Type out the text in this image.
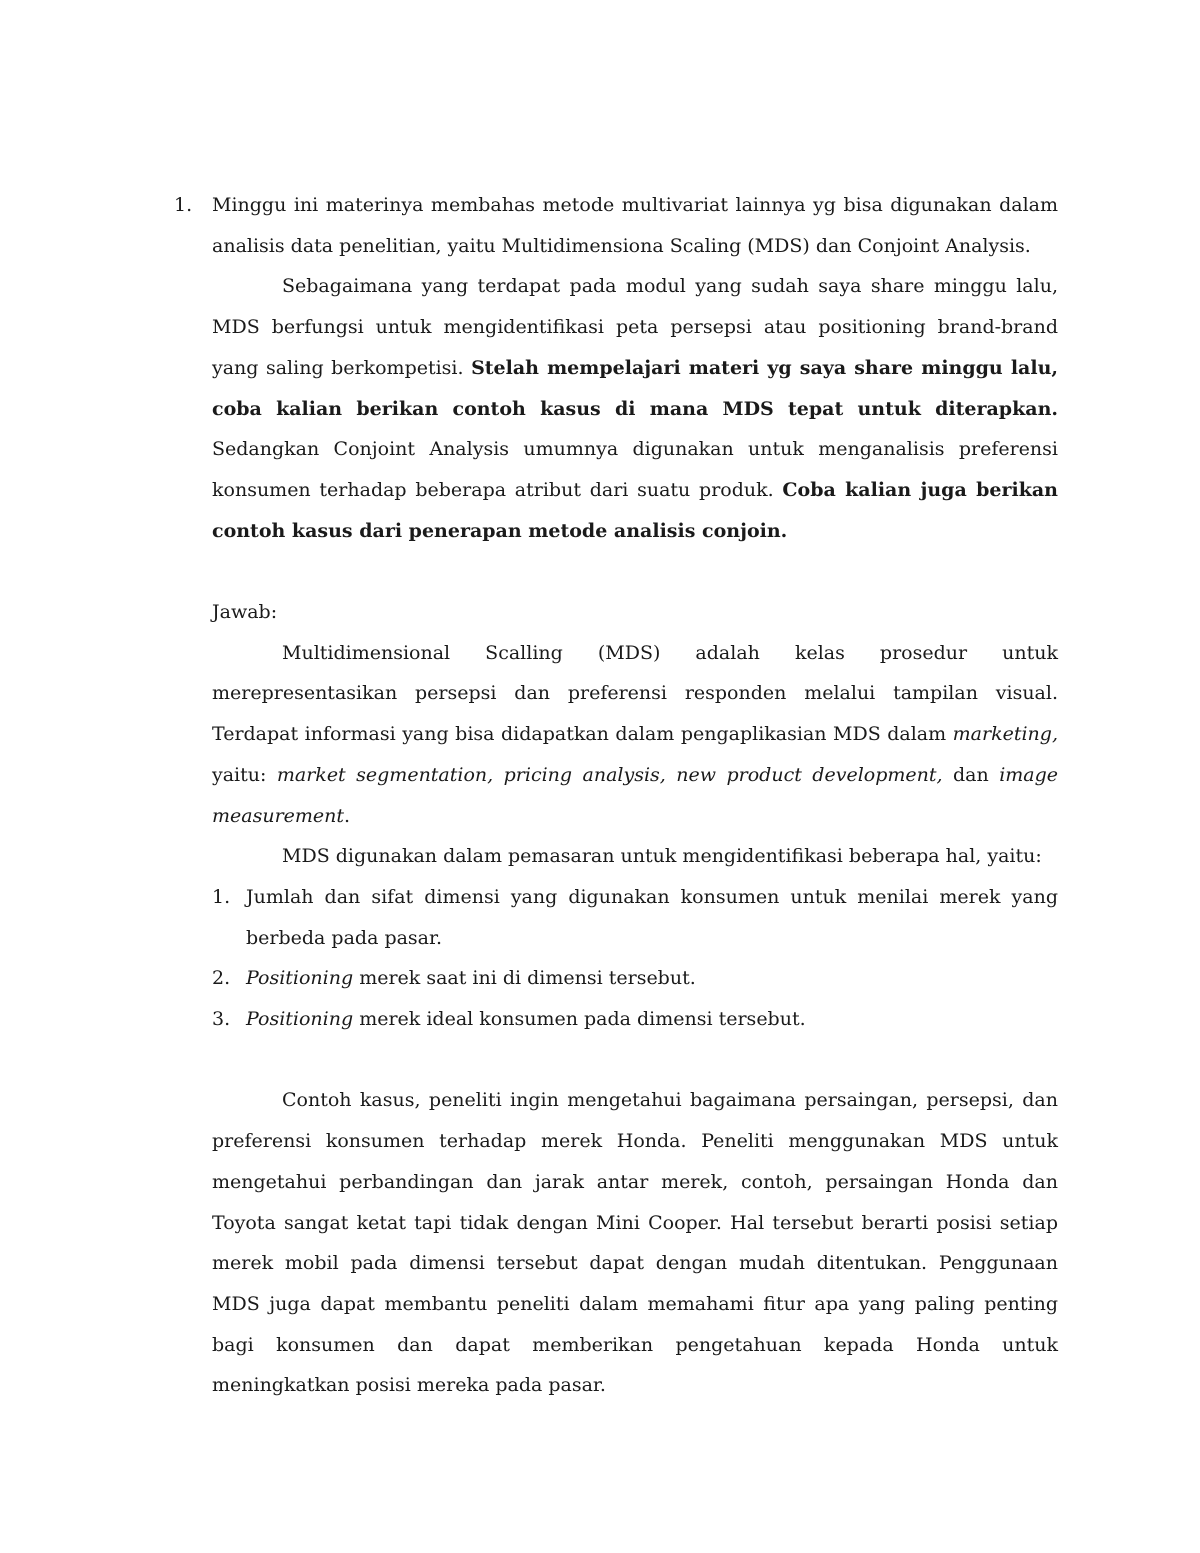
1. Minggu ini materinya membahas metode multivariat lainnya yg bisa digunakan dalam analisis data penelitian, yaitu Multidimensiona Scaling (MDS) dan Conjoint Analysis.

Sebagaimana yang terdapat pada modul yang sudah saya share minggu lalu, MDS berfungsi untuk mengidentifikasi peta persepsi atau positioning brand-brand yang saling berkompetisi. Stelah mempelajari materi yg saya share minggu lalu, coba kalian berikan contoh kasus di mana MDS tepat untuk diterapkan. Sedangkan Conjoint Analysis umumnya digunakan untuk menganalisis preferensi konsumen terhadap beberapa atribut dari suatu produk. Coba kalian juga berikan contoh kasus dari penerapan metode analisis conjoin.

Jawab:

Multidimensional Scalling (MDS) adalah kelas prosedur untuk merepresentasikan persepsi dan preferensi responden melalui tampilan visual. Terdapat informasi yang bisa didapatkan dalam pengaplikasian MDS dalam marketing, yaitu: market segmentation, pricing analysis, new product development, dan image measurement.

MDS digunakan dalam pemasaran untuk mengidentifikasi beberapa hal, yaitu:

1. Jumlah dan sifat dimensi yang digunakan konsumen untuk menilai merek yang berbeda pada pasar.
2. Positioning merek saat ini di dimensi tersebut.
3. Positioning merek ideal konsumen pada dimensi tersebut.

Contoh kasus, peneliti ingin mengetahui bagaimana persaingan, persepsi, dan preferensi konsumen terhadap merek Honda. Peneliti menggunakan MDS untuk mengetahui perbandingan dan jarak antar merek, contoh, persaingan Honda dan Toyota sangat ketat tapi tidak dengan Mini Cooper. Hal tersebut berarti posisi setiap merek mobil pada dimensi tersebut dapat dengan mudah ditentukan. Penggunaan MDS juga dapat membantu peneliti dalam memahami fitur apa yang paling penting bagi konsumen dan dapat memberikan pengetahuan kepada Honda untuk meningkatkan posisi mereka pada pasar.
